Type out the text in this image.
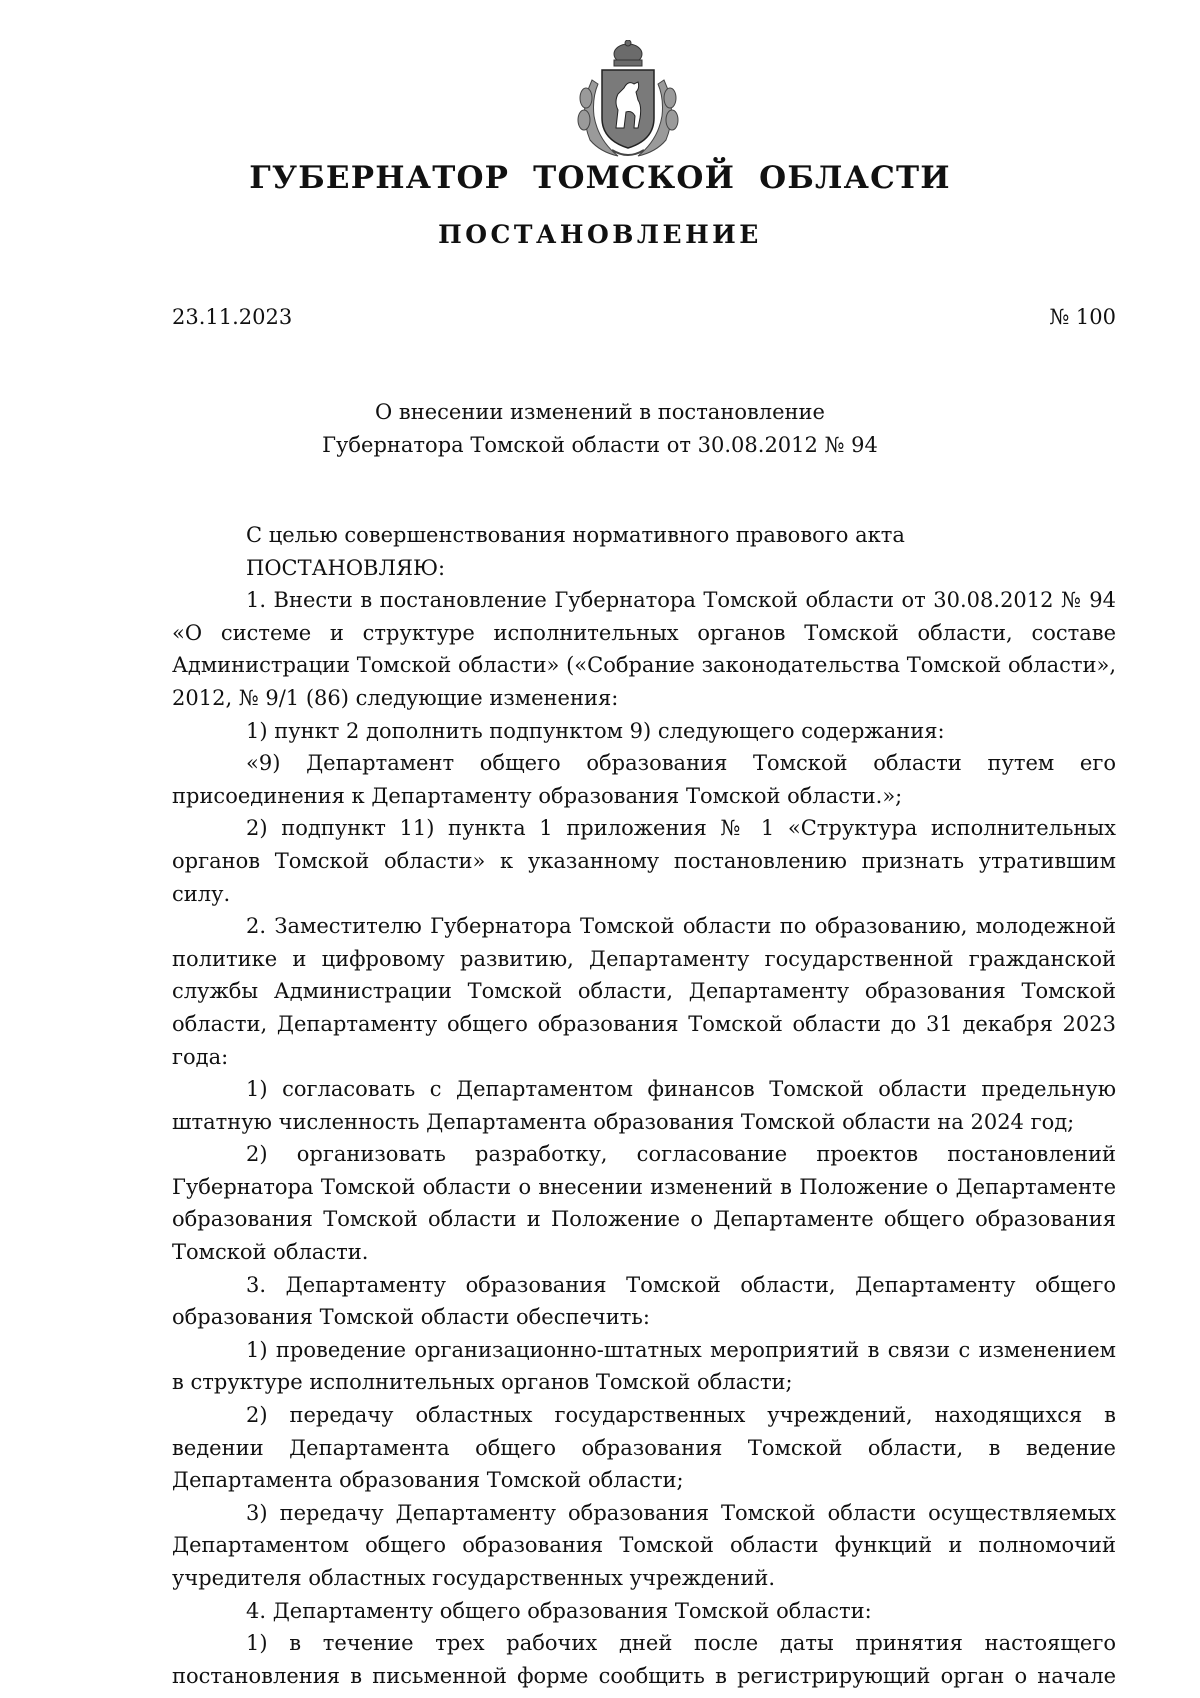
ГУБЕРНАТОР  ТОМСКОЙ  ОБЛАСТИ
ПОСТАНОВЛЕНИЕ
23.11.2023	№ 100
О внесении изменений в постановление
Губернатора Томской области от 30.08.2012 № 94

С целью совершенствования нормативного правового акта

ПОСТАНОВЛЯЮ:

1. Внести в постановление Губернатора Томской области от 30.08.2012 № 94 «О системе и структуре исполнительных органов Томской области, составе Администрации Томской области» («Собрание законодательства Томской области», 2012, № 9/1 (86) следующие изменения:

1) пункт 2 дополнить подпунктом 9) следующего содержания:

«9) Департамент общего образования Томской области путем его присоединения к Департаменту образования Томской области.»;

2) подпункт 11) пункта 1 приложения № 1 «Структура исполнительных органов Томской области» к указанному постановлению признать утратившим силу.

2. Заместителю Губернатора Томской области по образованию, молодежной политике и цифровому развитию, Департаменту государственной гражданской службы Администрации Томской области, Департаменту образования Томской области, Департаменту общего образования Томской области до 31 декабря 2023 года:

1) согласовать с Департаментом финансов Томской области предельную штатную численность Департамента образования Томской области на 2024 год;

2) организовать разработку, согласование проектов постановлений Губернатора Томской области о внесении изменений в Положение о Департаменте образования Томской области и Положение о Департаменте общего образования Томской области.

3. Департаменту образования Томской области, Департаменту общего образования Томской области обеспечить:

1) проведение организационно-штатных мероприятий в связи с изменением в структуре исполнительных органов Томской области;

2) передачу областных государственных учреждений, находящихся в ведении Департамента общего образования Томской области, в ведение Департамента образования Томской области;

3) передачу Департаменту образования Томской области осуществляемых Департаментом общего образования Томской области функций и полномочий учредителя областных государственных учреждений.

4. Департаменту общего образования Томской области:

1) в течение трех рабочих дней после даты принятия настоящего постановления в письменной форме сообщить в регистрирующий орган о начале
